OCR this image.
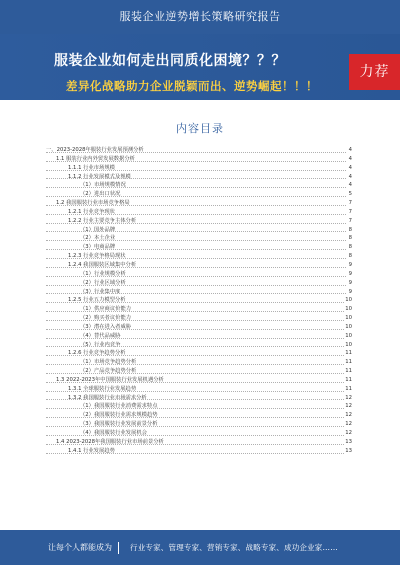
服装企业逆势增长策略研究报告
服装企业如何走出同质化困境？？？
差异化战略助力企业脱颖而出、逆势崛起！！！
力荐
内容目录
一、2023-2028年服装行业发展预测分析	4
1.1 服装行业内外贸发展数据分析	4
1.1.1 行业市场规模	4
1.1.2 行业发展模式及规模	4
（1）市场规模情况	4
（2）进出口状况	5
1.2 我国服装行业市场竞争格局	7
1.2.1 行业竞争现状	7
1.2.2 行业主要竞争主体分析	7
（1）国外品牌	8
（2）本土企业	8
（3）电商品牌	8
1.2.3 行业竞争格局现状	8
1.2.4 我国服装区域集中分析	9
（1）行业规模分析	9
（2）行业区域分析	9
（3）行业集中度	9
1.2.5 行业五力模型分析	10
（1）供应商议价能力	10
（2）购买者议价能力	10
（3）潜在进入者威胁	10
（4）替代品威胁	10
（5）行业内竞争	10
1.2.6 行业竞争趋势分析	11
（1）市场竞争趋势分析	11
（2）产品竞争趋势分析	11
1.3 2022-2023年中国服装行业发展机遇分析	11
1.3.1 全球服装行业发展趋势	11
1.3.2 我国服装行业市场需求分析	12
（1）我国服装行业消费需求特点	12
（2）我国服装行业需求规模趋势	12
（3）我国服装行业发展前景分析	12
（4）我国服装行业发展机会	12
1.4 2023-2028年我国服装行业市场前景分析	13
1.4.1 行业发展趋势	13
让每个人都能成为 行业专家、管理专家、营销专家、战略专家、成功企业家……
